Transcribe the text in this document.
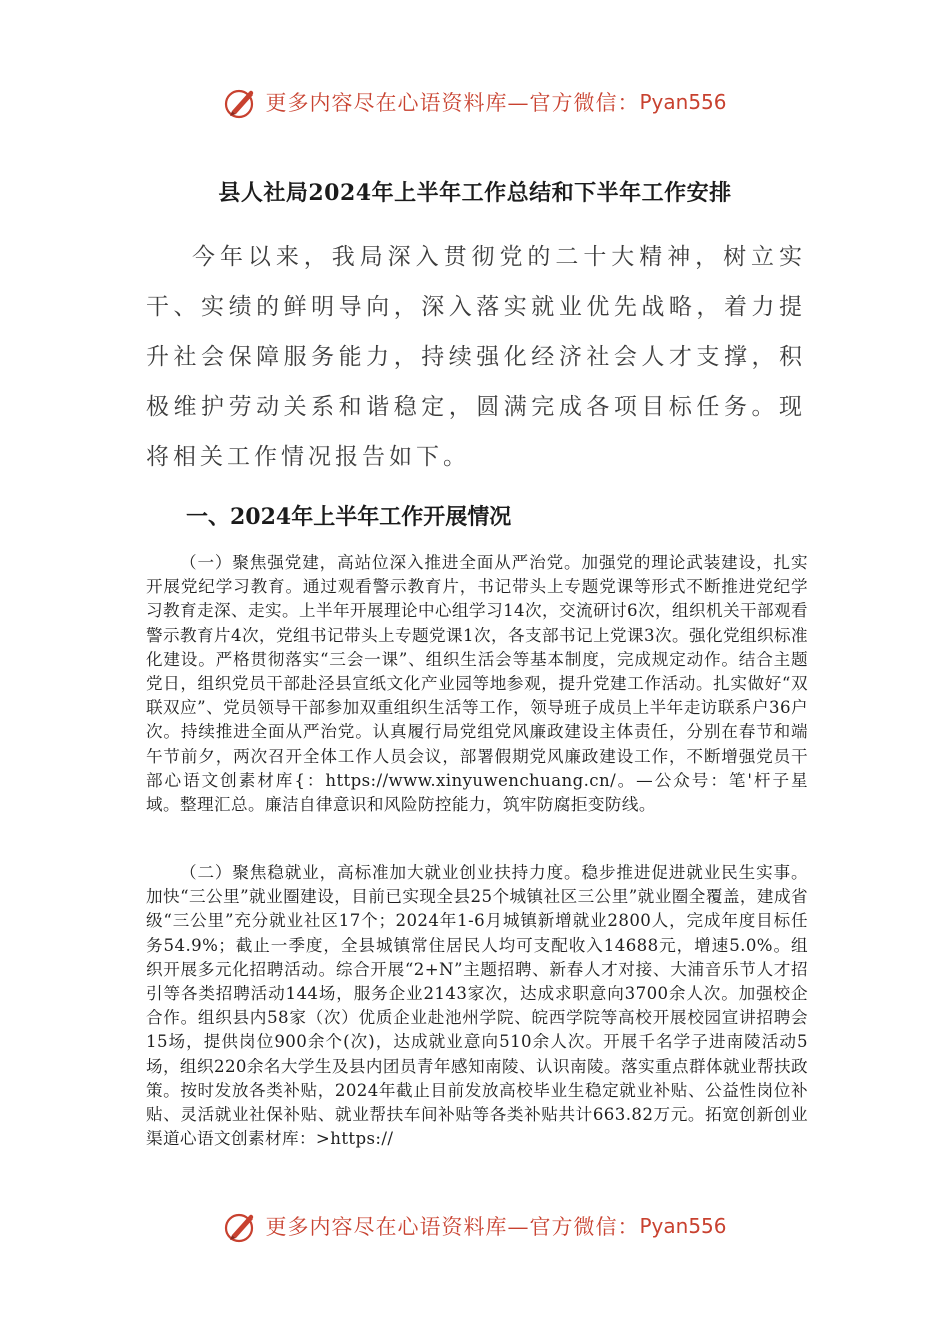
更多内容尽在心语资料库—官方微信： Pyan556
县人社局2024年上半年工作总结和下半年工作安排

今年以来，我局深入贯彻党的二十大精神，树立实干、实绩的鲜明导向，深入落实就业优先战略，着力提升社会保障服务能力，持续强化经济社会人才支撑，积极维护劳动关系和谐稳定，圆满完成各项目标任务。现将相关工作情况报告如下。

一、2024年上半年工作开展情况

（一）聚焦强党建，高站位深入推进全面从严治党。加强党的理论武装建设，扎实开展党纪学习教育。通过观看警示教育片，书记带头上专题党课等形式不断推进党纪学习教育走深、走实。上半年开展理论中心组学习14次，交流研讨6次，组织机关干部观看警示教育片4次，党组书记带头上专题党课1次，各支部书记上党课3次。强化党组织标准化建设。严格贯彻落实“三会一课”、组织生活会等基本制度，完成规定动作。结合主题党日，组织党员干部赴泾县宣纸文化产业园等地参观，提升党建工作活动。扎实做好“双联双应”、党员领导干部参加双重组织生活等工作，领导班子成员上半年走访联系户36户次。持续推进全面从严治党。认真履行局党组党风廉政建设主体责任，分别在春节和端午节前夕，两次召开全体工作人员会议，部署假期党风廉政建设工作，不断增强党员干部心语文创素材库{：https://www.xinyuwenchuang.cn/。—公众号：笔'杆子星域。整理汇总。廉洁自律意识和风险防控能力，筑牢防腐拒变防线。

（二）聚焦稳就业，高标准加大就业创业扶持力度。稳步推进促进就业民生实事。加快“三公里”就业圈建设，目前已实现全县25个城镇社区三公里”就业圈全覆盖，建成省级“三公里”充分就业社区17个；2024年1-6月城镇新增就业2800人，完成年度目标任务54.9%；截止一季度，全县城镇常住居民人均可支配收入14688元，增速5.0%。组织开展多元化招聘活动。综合开展“2+N”主题招聘、新春人才对接、大浦音乐节人才招引等各类招聘活动144场，服务企业2143家次，达成求职意向3700余人次。加强校企合作。组织县内58家（次）优质企业赴池州学院、皖西学院等高校开展校园宣讲招聘会15场，提供岗位900余个(次)，达成就业意向510余人次。开展千名学子进南陵活动5场，组织220余名大学生及县内团员青年感知南陵、认识南陵。落实重点群体就业帮扶政策。按时发放各类补贴，2024年截止目前发放高校毕业生稳定就业补贴、公益性岗位补贴、灵活就业社保补贴、就业帮扶车间补贴等各类补贴共计663.82万元。拓宽创新创业渠道心语文创素材库：>https://

更多内容尽在心语资料库—官方微信： Pyan556
